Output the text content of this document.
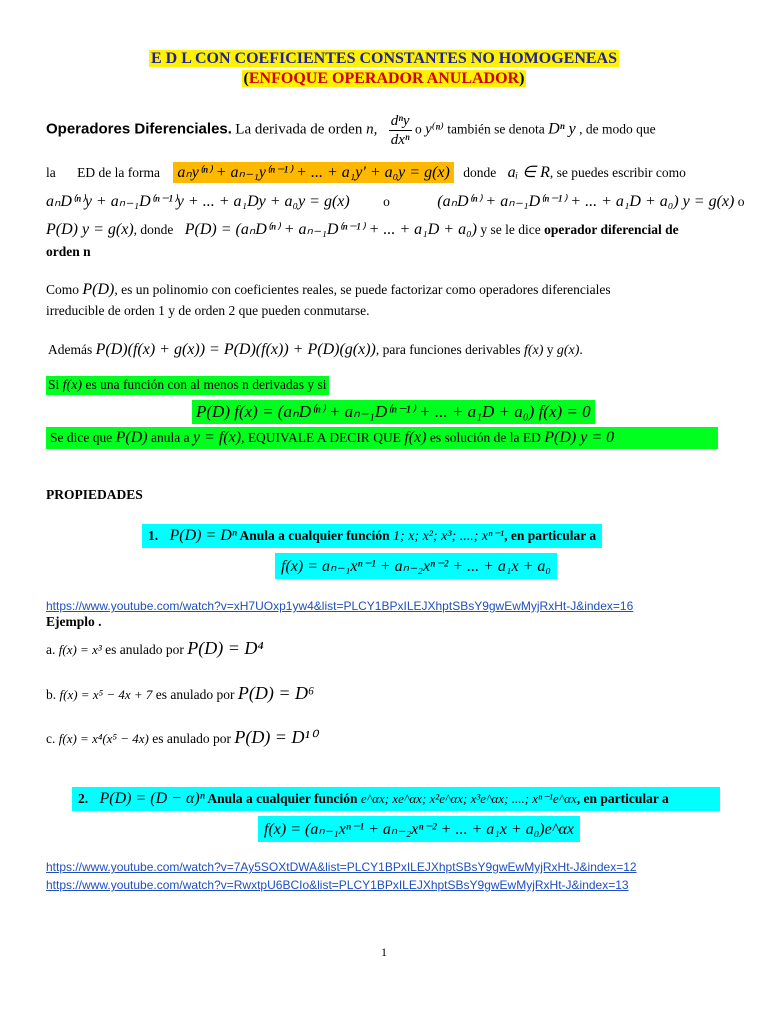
E D L CON COEFICIENTES CONSTANTES NO HOMOGENEAS
(ENFOQUE OPERADOR ANULADOR)
Operadores Diferenciales. La derivada de orden n, $\frac{\text{dⁿy}}{\text{dxⁿ}}$ o y⁽ⁿ⁾ también se denota Dⁿ y , de modo que
la ED de la forma aₙy⁽ⁿ⁾ + aₙ₋₁y⁽ⁿ⁻¹⁾ + ... + a₁y' + a₀y = g(x) donde aᵢ ∈ R, se puedes escribir como
aₙD⁽ⁿ⁾y + aₙ₋₁D⁽ⁿ⁻¹⁾y + ... + a₁Dy + a₀y = g(x) o	(aₙD⁽ⁿ⁾ + aₙ₋₁D⁽ⁿ⁻¹⁾ + ... + a₁D + a₀) y = g(x) o
P(D) y = g(x), donde P(D) = (aₙD⁽ⁿ⁾ + aₙ₋₁D⁽ⁿ⁻¹⁾ + ... + a₁D + a₀) y se le dice operador diferencial de
orden n
Como P(D), es un polinomio con coeficientes reales, se puede factorizar como operadores diferenciales
irreducible de orden 1 y de orden 2 que pueden conmutarse.
Además P(D)(f(x) + g(x)) = P(D)(f(x)) + P(D)(g(x)), para funciones derivables f(x) y g(x).
Si f(x) es una función con al menos n derivadas y si
P(D) f(x) = (aₙD⁽ⁿ⁾ + aₙ₋₁D⁽ⁿ⁻¹⁾ + ... + a₁D + a₀) f(x) = 0
Se dice que P(D) anula a y = f(x), EQUIVALE A DECIR QUE f(x) es solución de la ED P(D) y = 0
PROPIEDADES
1. P(D) = Dⁿ Anula a cualquier función 1; x; x²; x³; ....; xⁿ⁻¹, en particular a
f(x) = aₙ₋₁xⁿ⁻¹ + aₙ₋₂xⁿ⁻² + ... + a₁x + a₀
https://www.youtube.com/watch?v=xH7UOxp1yw4&list=PLCY1BPxILEJXhptSBsY9gwEwMyjRxHt-J&index=16
Ejemplo .
a. f(x) = x³ es anulado por P(D) = D⁴
b. f(x) = x⁵ − 4x + 7 es anulado por P(D) = D⁶
c. f(x) = x⁴(x⁵ − 4x) es anulado por P(D) = D¹⁰
2. P(D) = (D − α)ⁿ Anula a cualquier función e^αx; xe^αx; x²e^αx; x³e^αx; ....; xⁿ⁻¹e^αx, en particular a
f(x) = (aₙ₋₁xⁿ⁻¹ + aₙ₋₂xⁿ⁻² + ... + a₁x + a₀)e^αx
https://www.youtube.com/watch?v=7Ay5SOXtDWA&list=PLCY1BPxILEJXhptSBsY9gwEwMyjRxHt-J&index=12
https://www.youtube.com/watch?v=RwxtpU6BCIo&list=PLCY1BPxILEJXhptSBsY9gwEwMyjRxHt-J&index=13
1
